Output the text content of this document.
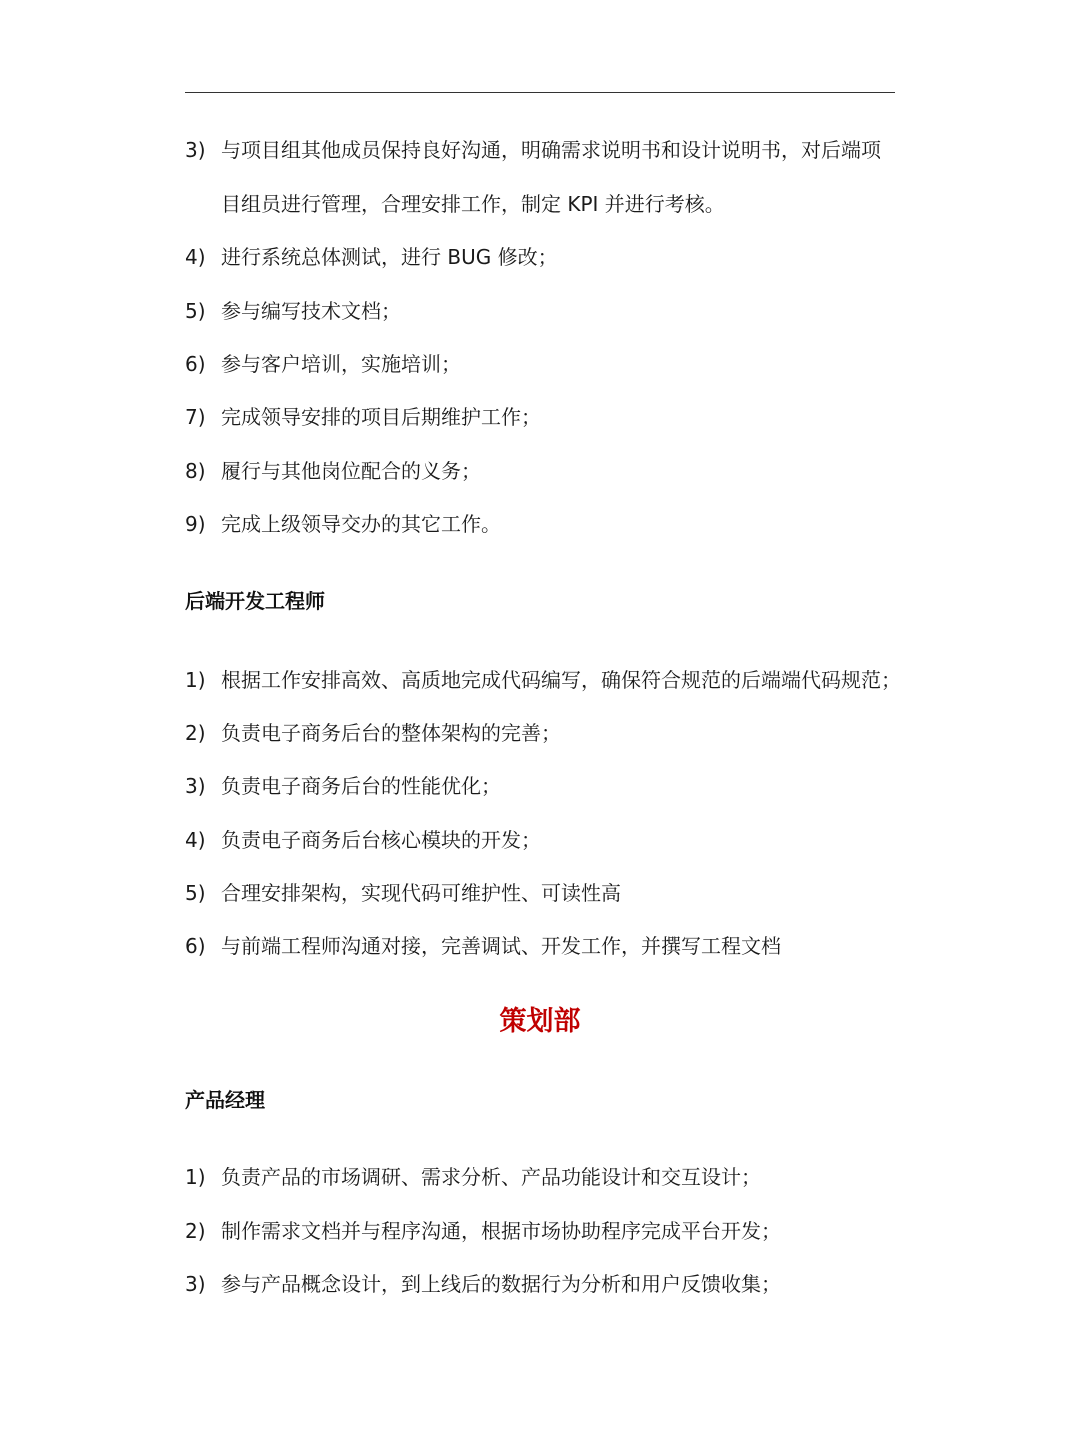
3) 与项目组其他成员保持良好沟通，明确需求说明书和设计说明书，对后端项
目组员进行管理，合理安排工作，制定 KPI 并进行考核。
4) 进行系统总体测试，进行 BUG 修改；
5) 参与编写技术文档；
6) 参与客户培训，实施培训；
7) 完成领导安排的项目后期维护工作；
8) 履行与其他岗位配合的义务；
9) 完成上级领导交办的其它工作。
后端开发工程师
1) 根据工作安排高效、高质地完成代码编写，确保符合规范的后端端代码规范；
2) 负责电子商务后台的整体架构的完善；
3) 负责电子商务后台的性能优化；
4) 负责电子商务后台核心模块的开发；
5) 合理安排架构，实现代码可维护性、可读性高
6) 与前端工程师沟通对接，完善调试、开发工作，并撰写工程文档
策划部
产品经理
1) 负责产品的市场调研、需求分析、产品功能设计和交互设计；
2) 制作需求文档并与程序沟通，根据市场协助程序完成平台开发；
3) 参与产品概念设计，到上线后的数据行为分析和用户反馈收集；
